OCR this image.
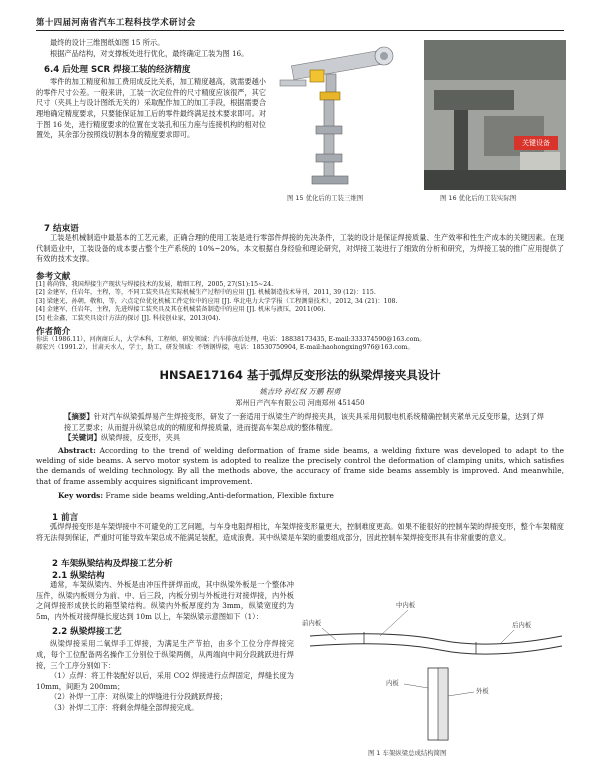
第十四届河南省汽车工程科技学术研讨会

最终的设计三维图纸如图 15 所示。

根据产品结构，对支撑板处进行优化，最终确定工装为图 16。

6.4 后处理 SCR 焊接工装的经济精度

零件的加工精度和加工费用成反比关系，加工精度越高，就需要越小的零件尺寸公差。一般来讲，工装一次定位件的尺寸精度应该很严，其它尺寸（夹具上与设计图纸无关的）采取配作加工的加工手段，根据需要合理地确定精度要求，只要能保证加工后的零件最终满足技术要求即可。对于图 16 处，进行精度要求的位置在支装孔和压力座与连接机构的相对位置处，其余部分按照线切割本身的精度要求即可。

图 15 优化后的工装三维图
关键设备
图 16 优化后的工装实际图
7 结束语

工装是机械制造中最基本的工艺元素，正确合理的使用工装是进行零部件焊接的先决条件，工装的设计是保证焊接质量、生产效率和性生产成本的关键因素。在现代制造业中，工装设备的成本要占整个生产系统的 10%~20%。本文根据自身经验和理论研究，对焊接工装进行了细致的分析和研究，为焊接工装的推广应用提供了有效的技术支撑。

参考文献

[1] 蒋尚锋，我国焊接生产现状与焊接技术的发展，精细工程，2005, 27(S1):15~24.

[2] 金建军，任岩年，主程，等，不同工装夹具在实际机械生产过程中的应用 [J]. 机械制造技术导刊，2011, 39 (12)：115.

[3] 梁建光，孙朝，敬和，等，六点定位优化机械工件定位中的应用 [J]. 华北电力大学学报（工程测量技术），2012, 34 (21)：108.

[4] 金建军，任岩年，主程，先进焊接工装夹具及其在机械装备制造中的应用 [J]. 机床与液压，2011(06).

[5] 杜金鑫，工装夹具设计方法的探讨 [J]. 科技创业家，2013(04).

作者简介

你法（1986.11），河南商丘人，大学本科，工程师，研发领域：汽车排放后处理，电话：18838173435, E-mail:333374590@163.com。

郝宏兴（1991.2），甘肃天水人，学士，助工，研发领域：不锈钢焊接，电话：18530750904, E-mail:haohongxing976@163.com。

HNSAE17164 基于弧焊反变形法的纵梁焊接夹具设计
姚吉玲 孙红权 万鹏 程勇
郑州日产汽车有限公司 河南郑州 451450

【摘要】针对汽车纵梁弧焊易产生焊接变形，研发了一套适用于纵梁生产的焊接夹具，该夹具采用伺服电机系统精确控制夹紧单元反变形量，达到了焊接工艺要求；从而提升纵梁总成的的精度和焊接质量，进而提高车架总成的整体精度。

【关键词】纵梁焊接，反变形，夹具

Abstract: According to the trend of welding deformation of frame side beams, a welding fixture was developed to adapt to the welding of side beams. A servo motor system is adopted to realize the precisely control the deformation of clamping units, which satisfies the demands of welding technology. By all the methods above, the accuracy of frame side beams assembly is improved. And meanwhile, that of frame assembly acquires significant improvement.

Key words: Frame side beams welding,Anti-deformation, Flexible fixture

1 前言

弧焊焊接变形是车架焊接中不可避免的工艺问题，与车身电阻焊相比，车架焊接变形量更大，控制难度更高。如果不能很好的控制车架的焊接变形，整个车架精度将无法得到保证，严重时可能导致车架总成不能满足装配，造成浪费。其中纵梁是车架的重要组成部分，因此控制车架焊接变形具有非常重要的意义。

2 车架纵梁结构及焊接工艺分析
2.1 纵梁结构

通常，车架纵梁内、外板是由冲压件拼焊而成，其中纵梁外板是一个整体冲压件，纵梁内板则分为前、中、后三段，内板分别与外板进行对接焊接，内外板之间焊接形成狭长的箱型梁结构。纵梁内外板厚度约为 3mm，纵梁宽度约为 5m，内外板对接焊缝长度达到 10m 以上，车架纵梁示意图如下（1）：

2.2 纵梁焊接工艺

纵梁焊接采用二氧焊手工焊接，为满足生产节拍，由多个工位分序焊接完成，每个工位配备两名操作工分别位于纵梁两侧，从两端向中间分段跳跃进行焊接，三个工序分别如下：

（1）点焊：将工件装配好以后，采用 CO2 焊接进行点焊固定，焊缝长度为 10mm，间距为 200mm；

（2）补焊一工序：对纵梁上的焊缝进行分段跳跃焊接；

（3）补焊二工序：将剩余焊缝全部焊接完成。

中内板
前内板	后内板
内板
外板
图 1 车架纵梁总成结构简图
